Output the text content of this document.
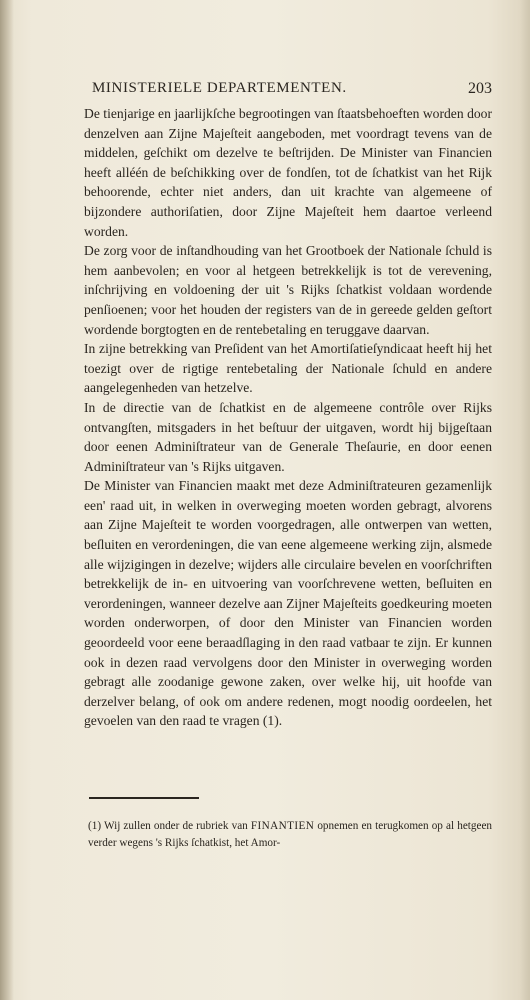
MINISTERIELE DEPARTEMENTEN.	203

De tienjarige en jaarlijkſche begrootingen van ſtaatsbehoeften worden door denzelven aan Zijne Majeſteit aangeboden, met voordragt tevens van de middelen, geſchikt om dezelve te beſtrijden. De Minister van Financien heeft alléén de beſchikking over de fondſen, tot de ſchatkist van het Rijk behoorende, echter niet anders, dan uit krachte van algemeene of bijzondere authoriſatien, door Zijne Majeſteit hem daartoe verleend worden.

De zorg voor de inſtandhouding van het Grootboek der Nationale ſchuld is hem aanbevolen; en voor al hetgeen betrekkelijk is tot de verevening, inſchrijving en voldoening der uit 's Rijks ſchatkist voldaan wordende penſioenen; voor het houden der registers van de in gereede gelden geſtort wordende borgtogten en de rentebetaling en teruggave daarvan.

In zijne betrekking van Preſident van het Amortiſatieſyndicaat heeft hij het toezigt over de rigtige rentebetaling der Nationale ſchuld en andere aangelegenheden van hetzelve.

In de directie van de ſchatkist en de algemeene contrôle over Rijks ontvangſten, mitsgaders in het beſtuur der uitgaven, wordt hij bijgeſtaan door eenen Adminiſtrateur van de Generale Theſaurie, en door eenen Adminiſtrateur van 's Rijks uitgaven.

De Minister van Financien maakt met deze Adminiſtrateuren gezamenlijk een' raad uit, in welken in overweging moeten worden gebragt, alvorens aan Zijne Majeſteit te worden voorgedragen, alle ontwerpen van wetten, beſluiten en verordeningen, die van eene algemeene werking zijn, alsmede alle wijzigingen in dezelve; wijders alle circulaire bevelen en voorſchriften betrekkelijk de in- en uitvoering van voorſchrevene wetten, beſluiten en verordeningen, wanneer dezelve aan Zijner Majeſteits goedkeuring moeten worden onderworpen, of door den Minister van Financien worden geoordeeld voor eene beraadſlaging in den raad vatbaar te zijn. Er kunnen ook in dezen raad vervolgens door den Minister in overweging worden gebragt alle zoodanige gewone zaken, over welke hij, uit hoofde van derzelver belang, of ook om andere redenen, mogt noodig oordeelen, het gevoelen van den raad te vragen (1).

(1) Wij zullen onder de rubriek van FINANTIEN opnemen en terugkomen op al hetgeen verder wegens 's Rijks ſchatkist, het Amor-
